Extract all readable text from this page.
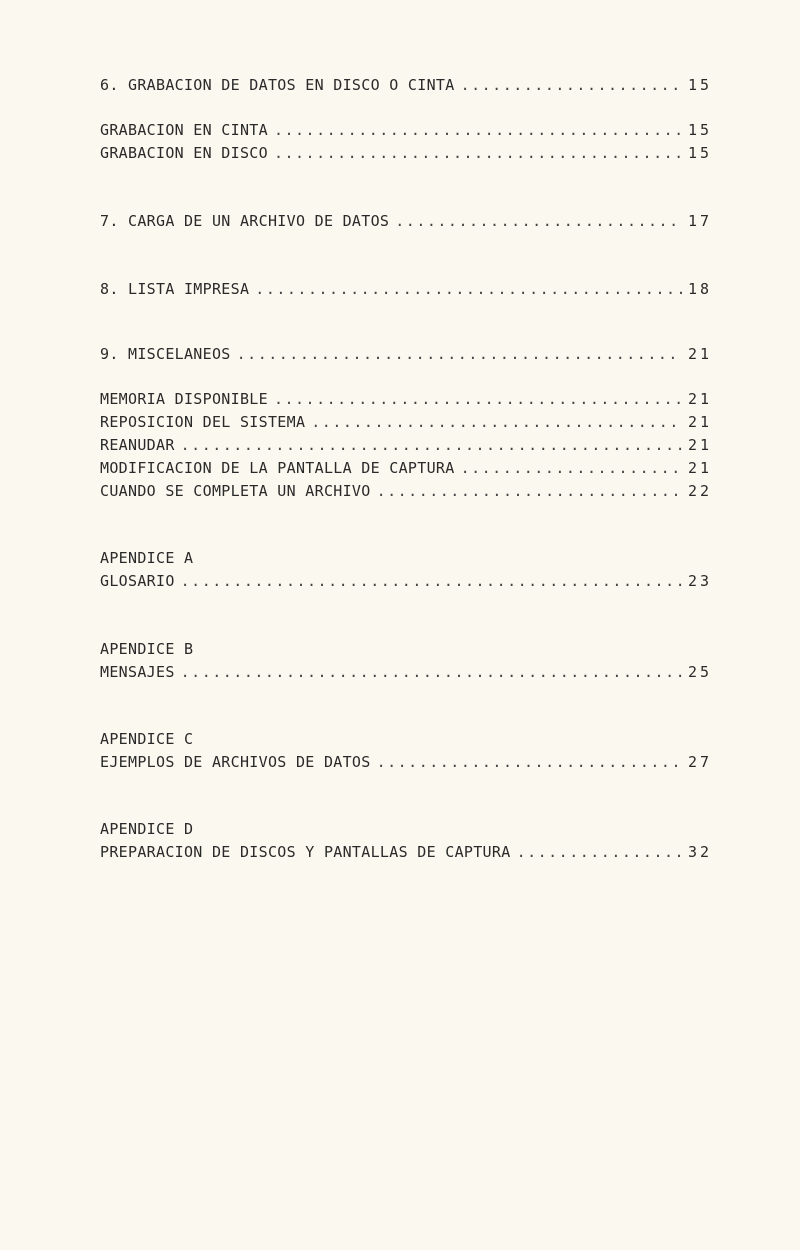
6. GRABACION DE DATOS EN DISCO O CINTA .....	15
GRABACION EN CINTA .....	15
GRABACION EN DISCO .....	15
7. CARGA DE UN ARCHIVO DE DATOS .....	17
8. LISTA IMPRESA .....	18
9. MISCELANEOS .....	21
MEMORIA DISPONIBLE .....	21
REPOSICION DEL SISTEMA .....	21
REANUDAR .....	21
MODIFICACION DE LA PANTALLA DE CAPTURA .....	21
CUANDO SE COMPLETA UN ARCHIVO .....	22
APENDICE A
GLOSARIO .....	23
APENDICE B
MENSAJES .....	25
APENDICE C
EJEMPLOS DE ARCHIVOS DE DATOS .....	27
APENDICE D
PREPARACION DE DISCOS Y PANTALLAS DE CAPTURA .....	32
